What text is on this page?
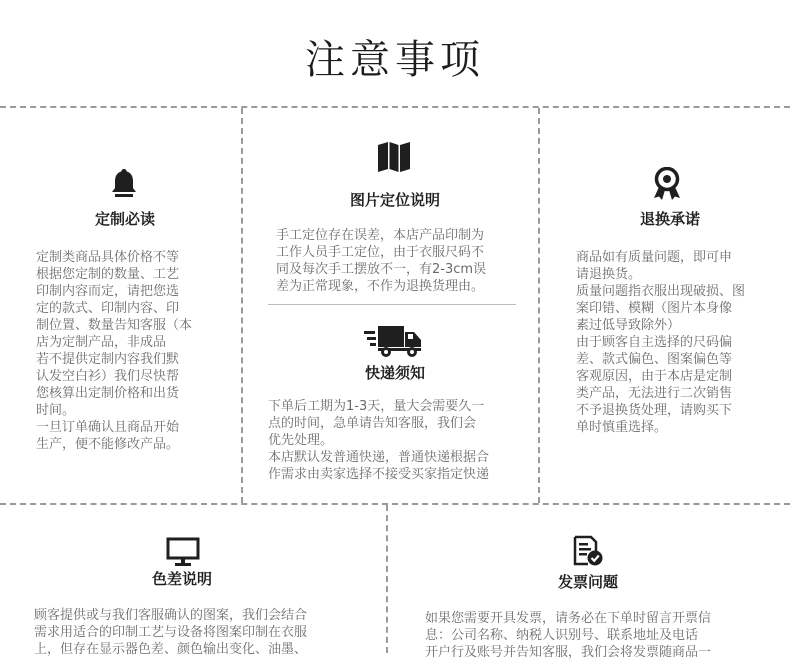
注意事项
定制必读

定制类商品具体价格不等
根据您定制的数量、工艺
印制内容而定，请把您选
定的款式、印制内容、印
制位置、数量告知客服（本
店为定制产品，非成品
若不提供定制内容我们默
认发空白衫）我们尽快帮
您核算出定制价格和出货
时间。
一旦订单确认且商品开始
生产，便不能修改产品。

图片定位说明

手工定位存在误差，本店产品印制为
工作人员手工定位，由于衣服尺码不
同及每次手工摆放不一，有2-3cm误
差为正常现象，不作为退换货理由。

快递须知

下单后工期为1-3天，量大会需要久一
点的时间，急单请告知客服，我们会
优先处理。
本店默认发普通快递，普通快递根据合
作需求由卖家选择不接受买家指定快递

退换承诺

商品如有质量问题，即可申
请退换货。
质量问题指衣服出现破损、图
案印错、模糊（图片本身像
素过低导致除外）
由于顾客自主选择的尺码偏
差、款式偏色、图案偏色等
客观原因，由于本店是定制
类产品，无法进行二次销售
不予退换货处理，请购买下
单时慎重选择。

色差说明

顾客提供或与我们客服确认的图案，我们会结合
需求用适合的印制工艺与设备将图案印制在衣服
上，但存在显示器色差、颜色输出变化、油墨、

发票问题

如果您需要开具发票，请务必在下单时留言开票信
息：公司名称、纳税人识别号、联系地址及电话
开户行及账号并告知客服，我们会将发票随商品一
